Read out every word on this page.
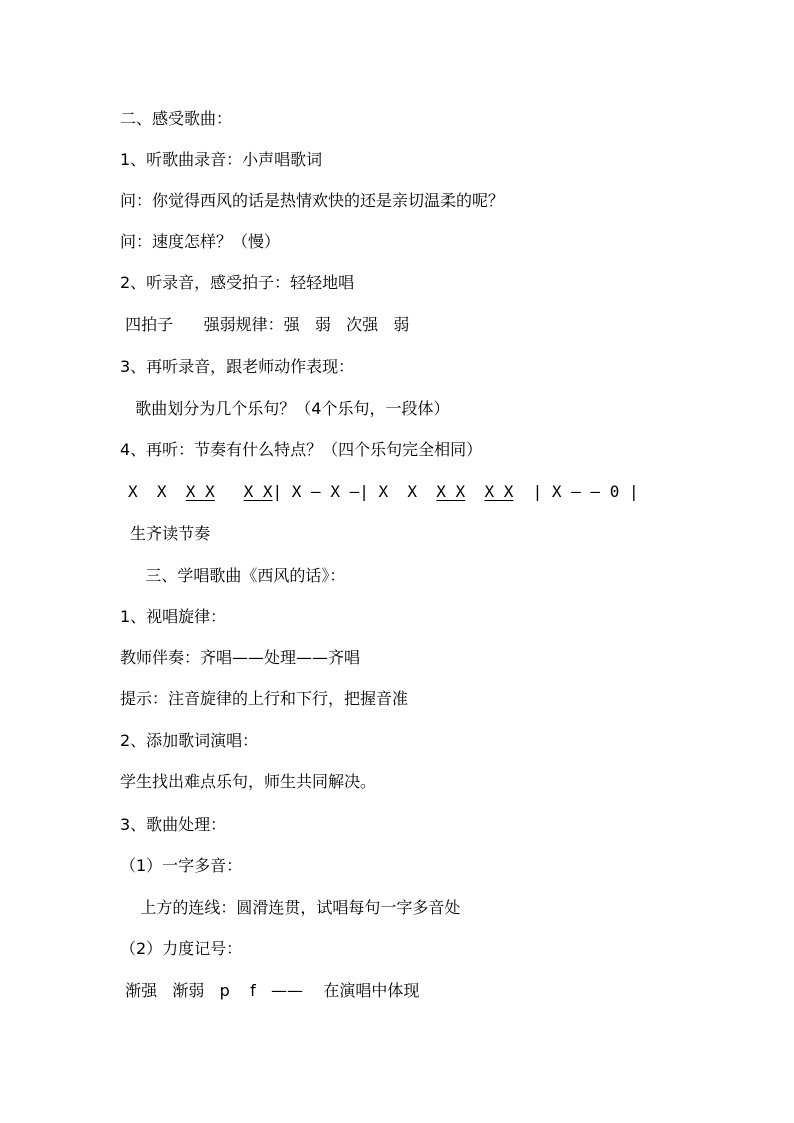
二、感受歌曲：
1、听歌曲录音：小声唱歌词
问：你觉得西风的话是热情欢快的还是亲切温柔的呢？
问：速度怎样？（慢）
2、听录音，感受拍子：轻轻地唱
四拍子      强弱规律：强   弱   次强   弱
3、再听录音，跟老师动作表现：
歌曲划分为几个乐句？（4个乐句，一段体）
4、再听：节奏有什么特点？（四个乐句完全相同）
X  X  X X X X| X — X —| X  X  X X X X  | X — — 0 |
生齐读节奏
三、学唱歌曲《西风的话》：
1、视唱旋律：
教师伴奏：齐唱——处理——齐唱
提示：注音旋律的上行和下行，把握音准
2、添加歌词演唱：
学生找出难点乐句，师生共同解决。
3、歌曲处理：
（1）一字多音：
上方的连线：圆滑连贯，试唱每句一字多音处
（2）力度记号：
渐强   渐弱   p    f   ——    在演唱中体现
